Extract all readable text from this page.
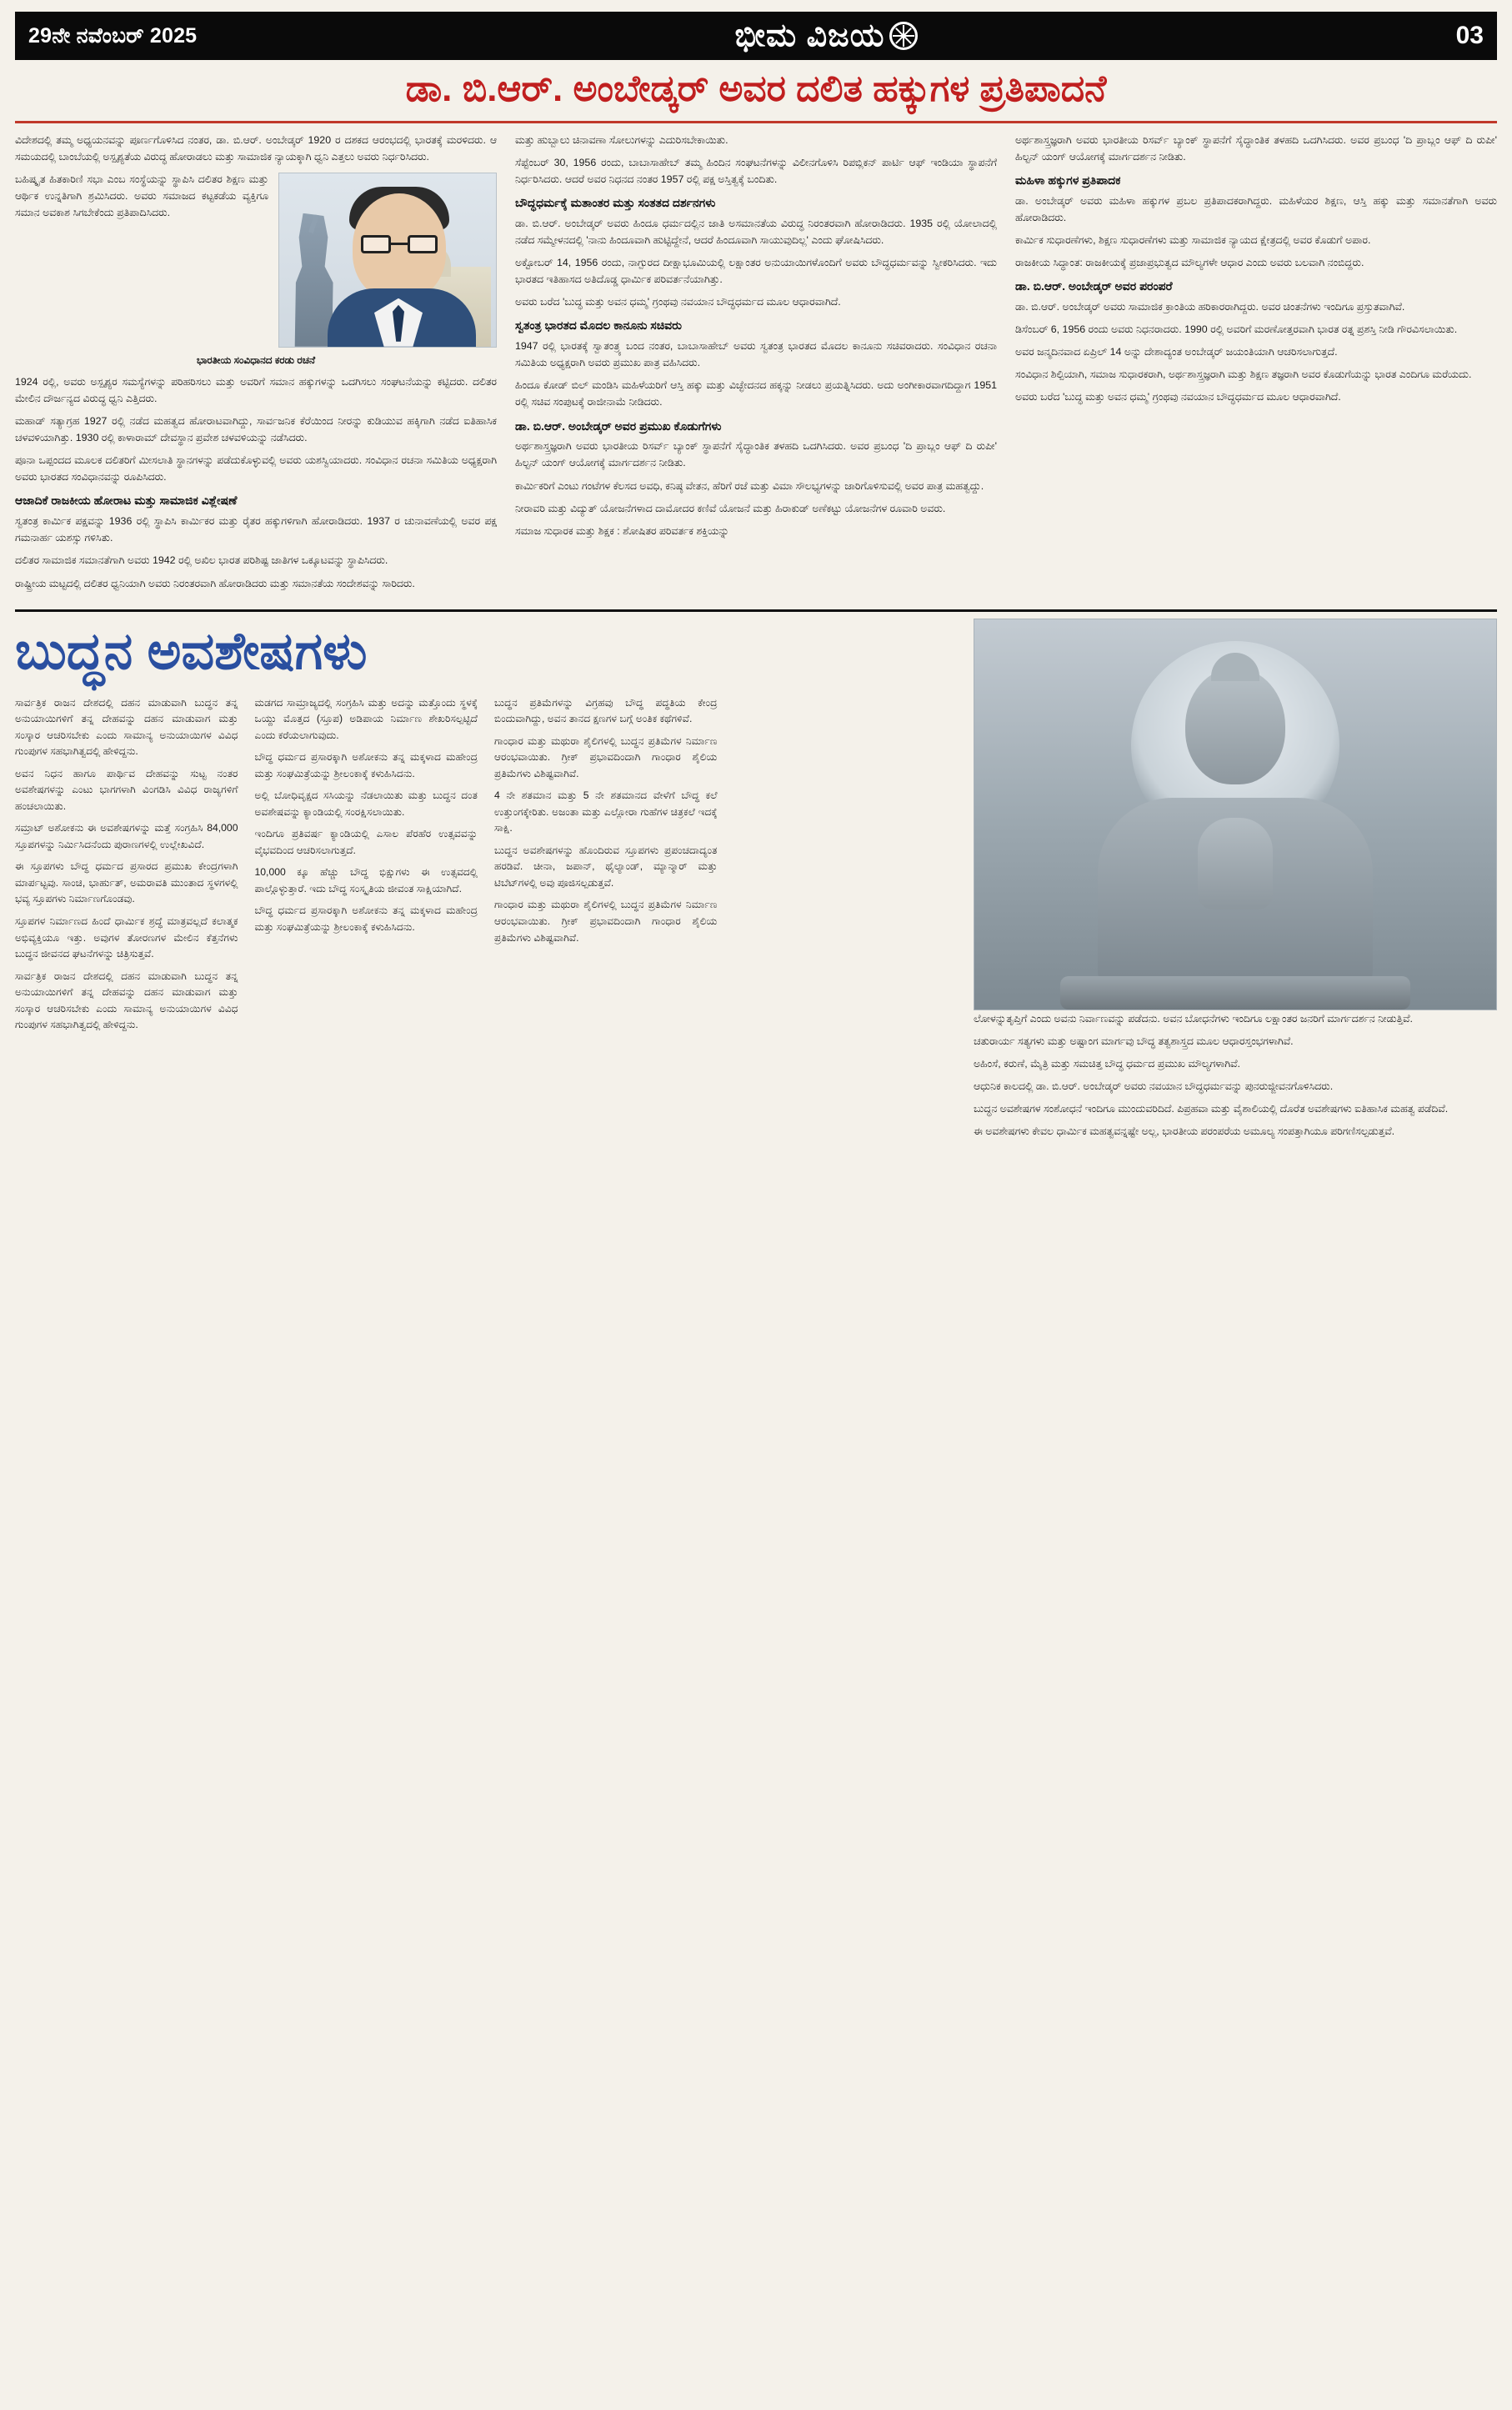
29ನೇ ನವೆಂಬರ್ 2025	ಭೀಮ ವಿಜಯ	03
ಡಾ. ಬಿ.ಆರ್. ಅಂಬೇಡ್ಕರ್ ಅವರ ದಲಿತ ಹಕ್ಕುಗಳ ಪ್ರತಿಪಾದನೆ

ವಿದೇಶದಲ್ಲಿ ತಮ್ಮ ಅಧ್ಯಯನವನ್ನು ಪೂರ್ಣಗೊಳಿಸಿದ ನಂತರ, ಡಾ. ಬಿ.ಆರ್. ಅಂಬೇಡ್ಕರ್ 1920 ರ ದಶಕದ ಆರಂಭದಲ್ಲಿ ಭಾರತಕ್ಕೆ ಮರಳಿದರು. ಆ ಸಮಯದಲ್ಲಿ ಬಾಂಬೆಯಲ್ಲಿ ಅಸ್ಪೃಶ್ಯತೆಯ ವಿರುದ್ಧ ಹೋರಾಡಲು ಮತ್ತು ಸಾಮಾಜಿಕ ನ್ಯಾಯಕ್ಕಾಗಿ ಧ್ವನಿ ಎತ್ತಲು ಅವರು ನಿರ್ಧರಿಸಿದರು.

ಬಹಿಷ್ಕೃತ ಹಿತಕಾರಿಣಿ ಸಭಾ ಎಂಬ ಸಂಸ್ಥೆಯನ್ನು ಸ್ಥಾಪಿಸಿ ದಲಿತರ ಶಿಕ್ಷಣ ಮತ್ತು ಆರ್ಥಿಕ ಉನ್ನತಿಗಾಗಿ ಶ್ರಮಿಸಿದರು. ಅವರು ಸಮಾಜದ ಕಟ್ಟಕಡೆಯ ವ್ಯಕ್ತಿಗೂ ಸಮಾನ ಅವಕಾಶ ಸಿಗಬೇಕೆಂದು ಪ್ರತಿಪಾದಿಸಿದರು.

ಭಾರತೀಯ ಸಂವಿಧಾನದ ಕರಡು ರಚನೆ

1924 ರಲ್ಲಿ, ಅವರು ಅಸ್ಪೃಶ್ಯರ ಸಮಸ್ಯೆಗಳನ್ನು ಪರಿಹರಿಸಲು ಮತ್ತು ಅವರಿಗೆ ಸಮಾನ ಹಕ್ಕುಗಳನ್ನು ಒದಗಿಸಲು ಸಂಘಟನೆಯನ್ನು ಕಟ್ಟಿದರು. ದಲಿತರ ಮೇಲಿನ ದೌರ್ಜನ್ಯದ ವಿರುದ್ಧ ಧ್ವನಿ ಎತ್ತಿದರು.

ಮಹಾಡ್ ಸತ್ಯಾಗ್ರಹ 1927 ರಲ್ಲಿ ನಡೆದ ಮಹತ್ವದ ಹೋರಾಟವಾಗಿದ್ದು, ಸಾರ್ವಜನಿಕ ಕೆರೆಯಿಂದ ನೀರನ್ನು ಕುಡಿಯುವ ಹಕ್ಕಿಗಾಗಿ ನಡೆದ ಐತಿಹಾಸಿಕ ಚಳವಳಿಯಾಗಿತ್ತು. 1930 ರಲ್ಲಿ ಕಾಳಾರಾಮ್ ದೇವಸ್ಥಾನ ಪ್ರವೇಶ ಚಳವಳಿಯನ್ನು ನಡೆಸಿದರು.

ಪೂನಾ ಒಪ್ಪಂದದ ಮೂಲಕ ದಲಿತರಿಗೆ ಮೀಸಲಾತಿ ಸ್ಥಾನಗಳನ್ನು ಪಡೆದುಕೊಳ್ಳುವಲ್ಲಿ ಅವರು ಯಶಸ್ವಿಯಾದರು. ಸಂವಿಧಾನ ರಚನಾ ಸಮಿತಿಯ ಅಧ್ಯಕ್ಷರಾಗಿ ಅವರು ಭಾರತದ ಸಂವಿಧಾನವನ್ನು ರೂಪಿಸಿದರು.

ಆಜಾದಿಕೆ ರಾಜಕೀಯ ಹೋರಾಟ ಮತ್ತು ಸಾಮಾಜಿಕ ವಿಶ್ಲೇಷಣೆ

ಸ್ವತಂತ್ರ ಕಾರ್ಮಿಕ ಪಕ್ಷವನ್ನು 1936 ರಲ್ಲಿ ಸ್ಥಾಪಿಸಿ ಕಾರ್ಮಿಕರ ಮತ್ತು ರೈತರ ಹಕ್ಕುಗಳಿಗಾಗಿ ಹೋರಾಡಿದರು. 1937 ರ ಚುನಾವಣೆಯಲ್ಲಿ ಅವರ ಪಕ್ಷ ಗಮನಾರ್ಹ ಯಶಸ್ಸು ಗಳಿಸಿತು.

ದಲಿತರ ಸಾಮಾಜಿಕ ಸಮಾನತೆಗಾಗಿ ಅವರು 1942 ರಲ್ಲಿ ಅಖಿಲ ಭಾರತ ಪರಿಶಿಷ್ಟ ಜಾತಿಗಳ ಒಕ್ಕೂಟವನ್ನು ಸ್ಥಾಪಿಸಿದರು.

ರಾಷ್ಟ್ರೀಯ ಮಟ್ಟದಲ್ಲಿ ದಲಿತರ ಧ್ವನಿಯಾಗಿ ಅವರು ನಿರಂತರವಾಗಿ ಹೋರಾಡಿದರು ಮತ್ತು ಸಮಾನತೆಯ ಸಂದೇಶವನ್ನು ಸಾರಿದರು.

ಮತ್ತು ಹುಬ್ಬಾಲು ಚಿನಾವಣಾ ಸೋಲುಗಳನ್ನು ಎದುರಿಸಬೇಕಾಯಿತು.

ಸೆಪ್ಟೆಂಬರ್ 30, 1956 ರಂದು, ಬಾಬಾಸಾಹೇಬ್ ತಮ್ಮ ಹಿಂದಿನ ಸಂಘಟನೆಗಳನ್ನು ವಿಲೀನಗೊಳಿಸಿ ರಿಪಬ್ಲಿಕನ್ ಪಾರ್ಟಿ ಆಫ್ ಇಂಡಿಯಾ ಸ್ಥಾಪನೆಗೆ ನಿರ್ಧರಿಸಿದರು. ಆದರೆ ಅವರ ನಿಧನದ ನಂತರ 1957 ರಲ್ಲಿ ಪಕ್ಷ ಅಸ್ತಿತ್ವಕ್ಕೆ ಬಂದಿತು.

ಬೌದ್ಧಧರ್ಮಕ್ಕೆ ಮತಾಂತರ ಮತ್ತು ಸಂತತದ ದರ್ಶನಗಳು

ಡಾ. ಬಿ.ಆರ್. ಅಂಬೇಡ್ಕರ್ ಅವರು ಹಿಂದೂ ಧರ್ಮದಲ್ಲಿನ ಜಾತಿ ಅಸಮಾನತೆಯ ವಿರುದ್ಧ ನಿರಂತರವಾಗಿ ಹೋರಾಡಿದರು. 1935 ರಲ್ಲಿ ಯೋಲಾದಲ್ಲಿ ನಡೆದ ಸಮ್ಮೇಳನದಲ್ಲಿ 'ನಾನು ಹಿಂದೂವಾಗಿ ಹುಟ್ಟಿದ್ದೇನೆ, ಆದರೆ ಹಿಂದೂವಾಗಿ ಸಾಯುವುದಿಲ್ಲ' ಎಂದು ಘೋಷಿಸಿದರು.

ಅಕ್ಟೋಬರ್ 14, 1956 ರಂದು, ನಾಗ್ಪುರದ ದೀಕ್ಷಾಭೂಮಿಯಲ್ಲಿ ಲಕ್ಷಾಂತರ ಅನುಯಾಯಿಗಳೊಂದಿಗೆ ಅವರು ಬೌದ್ಧಧರ್ಮವನ್ನು ಸ್ವೀಕರಿಸಿದರು. ಇದು ಭಾರತದ ಇತಿಹಾಸದ ಅತಿದೊಡ್ಡ ಧಾರ್ಮಿಕ ಪರಿವರ್ತನೆಯಾಗಿತ್ತು.

ಅವರು ಬರೆದ 'ಬುದ್ಧ ಮತ್ತು ಅವನ ಧಮ್ಮ' ಗ್ರಂಥವು ನವಯಾನ ಬೌದ್ಧಧರ್ಮದ ಮೂಲ ಆಧಾರವಾಗಿದೆ.

ಸ್ವತಂತ್ರ ಭಾರತದ ಮೊದಲ ಕಾನೂನು ಸಚಿವರು

1947 ರಲ್ಲಿ ಭಾರತಕ್ಕೆ ಸ್ವಾತಂತ್ರ್ಯ ಬಂದ ನಂತರ, ಬಾಬಾಸಾಹೇಬ್ ಅವರು ಸ್ವತಂತ್ರ ಭಾರತದ ಮೊದಲ ಕಾನೂನು ಸಚಿವರಾದರು. ಸಂವಿಧಾನ ರಚನಾ ಸಮಿತಿಯ ಅಧ್ಯಕ್ಷರಾಗಿ ಅವರು ಪ್ರಮುಖ ಪಾತ್ರ ವಹಿಸಿದರು.

ಹಿಂದೂ ಕೋಡ್ ಬಿಲ್ ಮಂಡಿಸಿ ಮಹಿಳೆಯರಿಗೆ ಆಸ್ತಿ ಹಕ್ಕು ಮತ್ತು ವಿಚ್ಛೇದನದ ಹಕ್ಕನ್ನು ನೀಡಲು ಪ್ರಯತ್ನಿಸಿದರು. ಅದು ಅಂಗೀಕಾರವಾಗದಿದ್ದಾಗ 1951 ರಲ್ಲಿ ಸಚಿವ ಸಂಪುಟಕ್ಕೆ ರಾಜೀನಾಮೆ ನೀಡಿದರು.

ಡಾ. ಬಿ.ಆರ್. ಅಂಬೇಡ್ಕರ್ ಅವರ ಪ್ರಮುಖ ಕೊಡುಗೆಗಳು

ಅರ್ಥಶಾಸ್ತ್ರಜ್ಞರಾಗಿ ಅವರು ಭಾರತೀಯ ರಿಸರ್ವ್ ಬ್ಯಾಂಕ್ ಸ್ಥಾಪನೆಗೆ ಸೈದ್ಧಾಂತಿಕ ತಳಹದಿ ಒದಗಿಸಿದರು. ಅವರ ಪ್ರಬಂಧ 'ದಿ ಪ್ರಾಬ್ಲಂ ಆಫ್ ದಿ ರುಪೀ' ಹಿಲ್ಟನ್ ಯಂಗ್ ಆಯೋಗಕ್ಕೆ ಮಾರ್ಗದರ್ಶನ ನೀಡಿತು.

ಕಾರ್ಮಿಕರಿಗೆ ಎಂಟು ಗಂಟೆಗಳ ಕೆಲಸದ ಅವಧಿ, ಕನಿಷ್ಠ ವೇತನ, ಹೆರಿಗೆ ರಜೆ ಮತ್ತು ವಿಮಾ ಸೌಲಭ್ಯಗಳನ್ನು ಜಾರಿಗೊಳಿಸುವಲ್ಲಿ ಅವರ ಪಾತ್ರ ಮಹತ್ವದ್ದು.

ನೀರಾವರಿ ಮತ್ತು ವಿದ್ಯುತ್ ಯೋಜನೆಗಳಾದ ದಾಮೋದರ ಕಣಿವೆ ಯೋಜನೆ ಮತ್ತು ಹಿರಾಕುಡ್ ಅಣೆಕಟ್ಟು ಯೋಜನೆಗಳ ರೂವಾರಿ ಅವರು.

ಸಮಾಜ ಸುಧಾರಕ ಮತ್ತು ಶಿಕ್ಷಕ : ಶೋಷಿತರ ಪರಿವರ್ತಕ ಶಕ್ತಿಯನ್ನು

ಅರ್ಥಶಾಸ್ತ್ರಜ್ಞರಾಗಿ ಅವರು ಭಾರತೀಯ ರಿಸರ್ವ್ ಬ್ಯಾಂಕ್ ಸ್ಥಾಪನೆಗೆ ಸೈದ್ಧಾಂತಿಕ ತಳಹದಿ ಒದಗಿಸಿದರು. ಅವರ ಪ್ರಬಂಧ 'ದಿ ಪ್ರಾಬ್ಲಂ ಆಫ್ ದಿ ರುಪೀ' ಹಿಲ್ಟನ್ ಯಂಗ್ ಆಯೋಗಕ್ಕೆ ಮಾರ್ಗದರ್ಶನ ನೀಡಿತು.

ಮಹಿಳಾ ಹಕ್ಕುಗಳ ಪ್ರತಿಪಾದಕ

ಡಾ. ಅಂಬೇಡ್ಕರ್ ಅವರು ಮಹಿಳಾ ಹಕ್ಕುಗಳ ಪ್ರಬಲ ಪ್ರತಿಪಾದಕರಾಗಿದ್ದರು. ಮಹಿಳೆಯರ ಶಿಕ್ಷಣ, ಆಸ್ತಿ ಹಕ್ಕು ಮತ್ತು ಸಮಾನತೆಗಾಗಿ ಅವರು ಹೋರಾಡಿದರು.

ಕಾರ್ಮಿಕ ಸುಧಾರಣೆಗಳು, ಶಿಕ್ಷಣ ಸುಧಾರಣೆಗಳು ಮತ್ತು ಸಾಮಾಜಿಕ ನ್ಯಾಯದ ಕ್ಷೇತ್ರದಲ್ಲಿ ಅವರ ಕೊಡುಗೆ ಅಪಾರ.

ರಾಜಕೀಯ ಸಿದ್ಧಾಂತ: ರಾಜಕೀಯಕ್ಕೆ ಪ್ರಜಾಪ್ರಭುತ್ವದ ಮೌಲ್ಯಗಳೇ ಆಧಾರ ಎಂದು ಅವರು ಬಲವಾಗಿ ನಂಬಿದ್ದರು.

ಡಾ. ಬಿ.ಆರ್. ಅಂಬೇಡ್ಕರ್ ಅವರ ಪರಂಪರೆ

ಡಾ. ಬಿ.ಆರ್. ಅಂಬೇಡ್ಕರ್ ಅವರು ಸಾಮಾಜಿಕ ಕ್ರಾಂತಿಯ ಹರಿಕಾರರಾಗಿದ್ದರು. ಅವರ ಚಿಂತನೆಗಳು ಇಂದಿಗೂ ಪ್ರಸ್ತುತವಾಗಿವೆ.

ಡಿಸೆಂಬರ್ 6, 1956 ರಂದು ಅವರು ನಿಧನರಾದರು. 1990 ರಲ್ಲಿ ಅವರಿಗೆ ಮರಣೋತ್ತರವಾಗಿ ಭಾರತ ರತ್ನ ಪ್ರಶಸ್ತಿ ನೀಡಿ ಗೌರವಿಸಲಾಯಿತು.

ಅವರ ಜನ್ಮದಿನವಾದ ಏಪ್ರಿಲ್ 14 ಅನ್ನು ದೇಶಾದ್ಯಂತ ಅಂಬೇಡ್ಕರ್ ಜಯಂತಿಯಾಗಿ ಆಚರಿಸಲಾಗುತ್ತದೆ.

ಸಂವಿಧಾನ ಶಿಲ್ಪಿಯಾಗಿ, ಸಮಾಜ ಸುಧಾರಕರಾಗಿ, ಅರ್ಥಶಾಸ್ತ್ರಜ್ಞರಾಗಿ ಮತ್ತು ಶಿಕ್ಷಣ ತಜ್ಞರಾಗಿ ಅವರ ಕೊಡುಗೆಯನ್ನು ಭಾರತ ಎಂದಿಗೂ ಮರೆಯದು.

ಅವರು ಬರೆದ 'ಬುದ್ಧ ಮತ್ತು ಅವನ ಧಮ್ಮ' ಗ್ರಂಥವು ನವಯಾನ ಬೌದ್ಧಧರ್ಮದ ಮೂಲ ಆಧಾರವಾಗಿದೆ.

ಬುದ್ಧನ ಅವಶೇಷಗಳು

ಸಾರ್ವತ್ರಿಕ ರಾಜನ ದೇಶದಲ್ಲಿ ದಹನ ಮಾಡುವಾಗಿ ಬುದ್ಧನ ತನ್ನ ಅನುಯಾಯಿಗಳಿಗೆ ತನ್ನ ದೇಹವನ್ನು ದಹನ ಮಾಡುವಾಗ ಮತ್ತು ಸಂಸ್ಕಾರ ಆಚರಿಸಬೇಕು ಎಂದು ಸಾಮಾನ್ಯ ಅನುಯಾಯಿಗಳ ವಿವಿಧ ಗುಂಪುಗಳ ಸಹಭಾಗಿತ್ವದಲ್ಲಿ ಹೇಳಿದ್ದನು.

ಅವನ ನಿಧನ ಹಾಗೂ ಪಾರ್ಥಿವ ದೇಹವನ್ನು ಸುಟ್ಟ ನಂತರ ಅವಶೇಷಗಳನ್ನು ಎಂಟು ಭಾಗಗಳಾಗಿ ವಿಂಗಡಿಸಿ ವಿವಿಧ ರಾಜ್ಯಗಳಿಗೆ ಹಂಚಲಾಯಿತು.

ಸಮ್ರಾಟ್ ಅಶೋಕನು ಈ ಅವಶೇಷಗಳನ್ನು ಮತ್ತೆ ಸಂಗ್ರಹಿಸಿ 84,000 ಸ್ತೂಪಗಳನ್ನು ನಿರ್ಮಿಸಿದನೆಂದು ಪುರಾಣಗಳಲ್ಲಿ ಉಲ್ಲೇಖವಿದೆ.

ಈ ಸ್ತೂಪಗಳು ಬೌದ್ಧ ಧರ್ಮದ ಪ್ರಸಾರದ ಪ್ರಮುಖ ಕೇಂದ್ರಗಳಾಗಿ ಮಾರ್ಪಟ್ಟವು. ಸಾಂಚಿ, ಭಾರ್ಹುತ್, ಅಮರಾವತಿ ಮುಂತಾದ ಸ್ಥಳಗಳಲ್ಲಿ ಭವ್ಯ ಸ್ತೂಪಗಳು ನಿರ್ಮಾಣಗೊಂಡವು.

ಸ್ತೂಪಗಳ ನಿರ್ಮಾಣದ ಹಿಂದೆ ಧಾರ್ಮಿಕ ಶ್ರದ್ಧೆ ಮಾತ್ರವಲ್ಲದೆ ಕಲಾತ್ಮಕ ಅಭಿವ್ಯಕ್ತಿಯೂ ಇತ್ತು. ಅವುಗಳ ತೋರಣಗಳ ಮೇಲಿನ ಕೆತ್ತನೆಗಳು ಬುದ್ಧನ ಜೀವನದ ಘಟನೆಗಳನ್ನು ಚಿತ್ರಿಸುತ್ತವೆ.

ಸಾರ್ವತ್ರಿಕ ರಾಜನ ದೇಶದಲ್ಲಿ ದಹನ ಮಾಡುವಾಗಿ ಬುದ್ಧನ ತನ್ನ ಅನುಯಾಯಿಗಳಿಗೆ ತನ್ನ ದೇಹವನ್ನು ದಹನ ಮಾಡುವಾಗ ಮತ್ತು ಸಂಸ್ಕಾರ ಆಚರಿಸಬೇಕು ಎಂದು ಸಾಮಾನ್ಯ ಅನುಯಾಯಿಗಳ ವಿವಿಧ ಗುಂಪುಗಳ ಸಹಭಾಗಿತ್ವದಲ್ಲಿ ಹೇಳಿದ್ದನು.

ಮಡಗದ ಸಾಮ್ರಾಜ್ಯದಲ್ಲಿ ಸಂಗ್ರಹಿಸಿ ಮತ್ತು ಅದನ್ನು ಮತ್ತೊಂದು ಸ್ಥಳಕ್ಕೆ ಒಯ್ದು ಮೊತ್ತದ (ಸ್ತೂಪ) ಅಡಿಪಾಯ ನಿರ್ಮಾಣ ಶೇಖರಿಸಲ್ಪಟ್ಟಿದೆ ಎಂದು ಕರೆಯಲಾಗುವುದು.

ಬೌದ್ಧ ಧರ್ಮದ ಪ್ರಸಾರಕ್ಕಾಗಿ ಅಶೋಕನು ತನ್ನ ಮಕ್ಕಳಾದ ಮಹೇಂದ್ರ ಮತ್ತು ಸಂಘಮಿತ್ರೆಯನ್ನು ಶ್ರೀಲಂಕಾಕ್ಕೆ ಕಳುಹಿಸಿದನು.

ಅಲ್ಲಿ ಬೋಧಿವೃಕ್ಷದ ಸಸಿಯನ್ನು ನೆಡಲಾಯಿತು ಮತ್ತು ಬುದ್ಧನ ದಂತ ಅವಶೇಷವನ್ನು ಕ್ಯಾಂಡಿಯಲ್ಲಿ ಸಂರಕ್ಷಿಸಲಾಯಿತು.

ಇಂದಿಗೂ ಪ್ರತಿವರ್ಷ ಕ್ಯಾಂಡಿಯಲ್ಲಿ ಎಸಾಲ ಪೆರಹೆರ ಉತ್ಸವವನ್ನು ವೈಭವದಿಂದ ಆಚರಿಸಲಾಗುತ್ತದೆ.

10,000 ಕ್ಕೂ ಹೆಚ್ಚು ಬೌದ್ಧ ಭಿಕ್ಷುಗಳು ಈ ಉತ್ಸವದಲ್ಲಿ ಪಾಲ್ಗೊಳ್ಳುತ್ತಾರೆ. ಇದು ಬೌದ್ಧ ಸಂಸ್ಕೃತಿಯ ಜೀವಂತ ಸಾಕ್ಷಿಯಾಗಿದೆ.

ಬೌದ್ಧ ಧರ್ಮದ ಪ್ರಸಾರಕ್ಕಾಗಿ ಅಶೋಕನು ತನ್ನ ಮಕ್ಕಳಾದ ಮಹೇಂದ್ರ ಮತ್ತು ಸಂಘಮಿತ್ರೆಯನ್ನು ಶ್ರೀಲಂಕಾಕ್ಕೆ ಕಳುಹಿಸಿದನು.

ಬುದ್ಧನ ಪ್ರತಿಮೆಗಳನ್ನು ವಿಗ್ರಹವು ಬೌದ್ಧ ಪದ್ಧತಿಯ ಕೇಂದ್ರ ಬಿಂದುವಾಗಿದ್ದು, ಅವನ ತಾನದ ಕ್ಷಣಗಳ ಬಗ್ಗೆ ಅಂತಿಕ ಕಥೆಗಳಿವೆ.

ಗಾಂಧಾರ ಮತ್ತು ಮಥುರಾ ಶೈಲಿಗಳಲ್ಲಿ ಬುದ್ಧನ ಪ್ರತಿಮೆಗಳ ನಿರ್ಮಾಣ ಆರಂಭವಾಯಿತು. ಗ್ರೀಕ್ ಪ್ರಭಾವದಿಂದಾಗಿ ಗಾಂಧಾರ ಶೈಲಿಯ ಪ್ರತಿಮೆಗಳು ವಿಶಿಷ್ಟವಾಗಿವೆ.

4 ನೇ ಶತಮಾನ ಮತ್ತು 5 ನೇ ಶತಮಾನದ ವೇಳೆಗೆ ಬೌದ್ಧ ಕಲೆ ಉತ್ತುಂಗಕ್ಕೇರಿತು. ಅಜಂತಾ ಮತ್ತು ಎಲ್ಲೋರಾ ಗುಹೆಗಳ ಚಿತ್ರಕಲೆ ಇದಕ್ಕೆ ಸಾಕ್ಷಿ.

ಬುದ್ಧನ ಅವಶೇಷಗಳನ್ನು ಹೊಂದಿರುವ ಸ್ತೂಪಗಳು ಪ್ರಪಂಚದಾದ್ಯಂತ ಹರಡಿವೆ. ಚೀನಾ, ಜಪಾನ್, ಥೈಲ್ಯಾಂಡ್, ಮ್ಯಾನ್ಮಾರ್ ಮತ್ತು ಟಿಬೆಟ್‌ಗಳಲ್ಲಿ ಅವು ಪೂಜಿಸಲ್ಪಡುತ್ತವೆ.

ಗಾಂಧಾರ ಮತ್ತು ಮಥುರಾ ಶೈಲಿಗಳಲ್ಲಿ ಬುದ್ಧನ ಪ್ರತಿಮೆಗಳ ನಿರ್ಮಾಣ ಆರಂಭವಾಯಿತು. ಗ್ರೀಕ್ ಪ್ರಭಾವದಿಂದಾಗಿ ಗಾಂಧಾರ ಶೈಲಿಯ ಪ್ರತಿಮೆಗಳು ವಿಶಿಷ್ಟವಾಗಿವೆ.

ಲೋಳನ್ನುತೃಪ್ತಿಗೆ ಎಂದು ಅವನು ನಿರ್ವಾಣವನ್ನು ಪಡೆದನು. ಅವನ ಬೋಧನೆಗಳು ಇಂದಿಗೂ ಲಕ್ಷಾಂತರ ಜನರಿಗೆ ಮಾರ್ಗದರ್ಶನ ನೀಡುತ್ತಿವೆ.

ಚತುರಾರ್ಯ ಸತ್ಯಗಳು ಮತ್ತು ಅಷ್ಟಾಂಗ ಮಾರ್ಗವು ಬೌದ್ಧ ತತ್ವಶಾಸ್ತ್ರದ ಮೂಲ ಆಧಾರಸ್ತಂಭಗಳಾಗಿವೆ.

ಅಹಿಂಸೆ, ಕರುಣೆ, ಮೈತ್ರಿ ಮತ್ತು ಸಮಚಿತ್ತ ಬೌದ್ಧ ಧರ್ಮದ ಪ್ರಮುಖ ಮೌಲ್ಯಗಳಾಗಿವೆ.

ಆಧುನಿಕ ಕಾಲದಲ್ಲಿ ಡಾ. ಬಿ.ಆರ್. ಅಂಬೇಡ್ಕರ್ ಅವರು ನವಯಾನ ಬೌದ್ಧಧರ್ಮವನ್ನು ಪುನರುಜ್ಜೀವನಗೊಳಿಸಿದರು.

ಬುದ್ಧನ ಅವಶೇಷಗಳ ಸಂಶೋಧನೆ ಇಂದಿಗೂ ಮುಂದುವರಿದಿದೆ. ಪಿಪ್ರಹವಾ ಮತ್ತು ವೈಶಾಲಿಯಲ್ಲಿ ದೊರೆತ ಅವಶೇಷಗಳು ಐತಿಹಾಸಿಕ ಮಹತ್ವ ಪಡೆದಿವೆ.

ಈ ಅವಶೇಷಗಳು ಕೇವಲ ಧಾರ್ಮಿಕ ಮಹತ್ವವನ್ನಷ್ಟೇ ಅಲ್ಲ, ಭಾರತೀಯ ಪರಂಪರೆಯ ಅಮೂಲ್ಯ ಸಂಪತ್ತಾಗಿಯೂ ಪರಿಗಣಿಸಲ್ಪಡುತ್ತವೆ.
